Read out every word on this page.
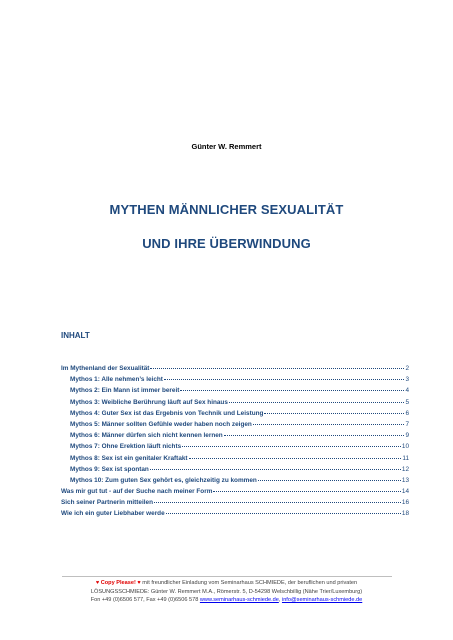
Günter W. Remmert
MYTHEN MÄNNLICHER SEXUALITÄT
UND IHRE ÜBERWINDUNG
INHALT
Im Mythenland der Sexualität	2
Mythos 1: Alle nehmen’s leicht	3
Mythos 2: Ein Mann ist immer bereit	4
Mythos 3: Weibliche Berührung läuft auf Sex hinaus	5
Mythos 4: Guter Sex ist das Ergebnis von Technik und Leistung	6
Mythos 5: Männer sollten Gefühle weder haben noch zeigen	7
Mythos 6: Männer dürfen sich nicht kennen lernen	9
Mythos 7: Ohne Erektion läuft nichts	10
Mythos 8: Sex ist ein genitaler Kraftakt	11
Mythos 9: Sex ist spontan	12
Mythos 10: Zum guten Sex gehört es, gleichzeitig zu kommen	13
Was mir gut tut - auf der Suche nach meiner Form	14
Sich seiner Partnerin mitteilen	16
Wie ich ein guter Liebhaber werde	18
♥ Copy Please! ♥ mit freundlicher Einladung vom Seminarhaus SCHMIEDE, der beruflichen und privaten
LÖSUNGSSCHMIEDE: Günter W. Remmert M.A., Römerstr. 5, D-54298 Welschbillig (Nähe Trier/Luxemburg)
Fon +49 (0)6506 577, Fax +49 (0)6506 578 www.seminarhaus-schmiede.de, info@seminarhaus-schmiede.de
